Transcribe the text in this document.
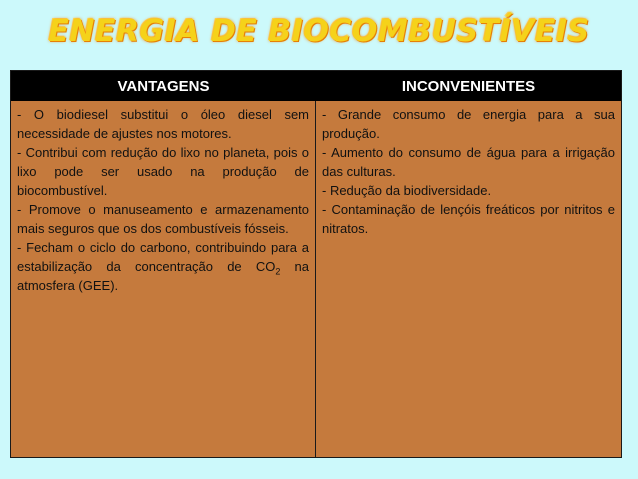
ENERGIA DE BIOCOMBUSTÍVEIS
VANTAGENS	INCONVENIENTES

- O biodiesel substitui o óleo diesel sem necessidade de ajustes nos motores.

- Contribui com redução do lixo no planeta, pois o lixo pode ser usado na produção de biocombustível.

- Promove o manuseamento e armazenamento mais seguros que os dos combustíveis fósseis.

- Fecham o ciclo do carbono, contribuindo para a estabilização da concentração de $CO_2$ na atmosfera (GEE).

- Grande consumo de energia para a sua produção.

- Aumento do consumo de água para a irrigação das culturas.

- Redução da biodiversidade.

- Contaminação de lençóis freáticos por nitritos e nitratos.
